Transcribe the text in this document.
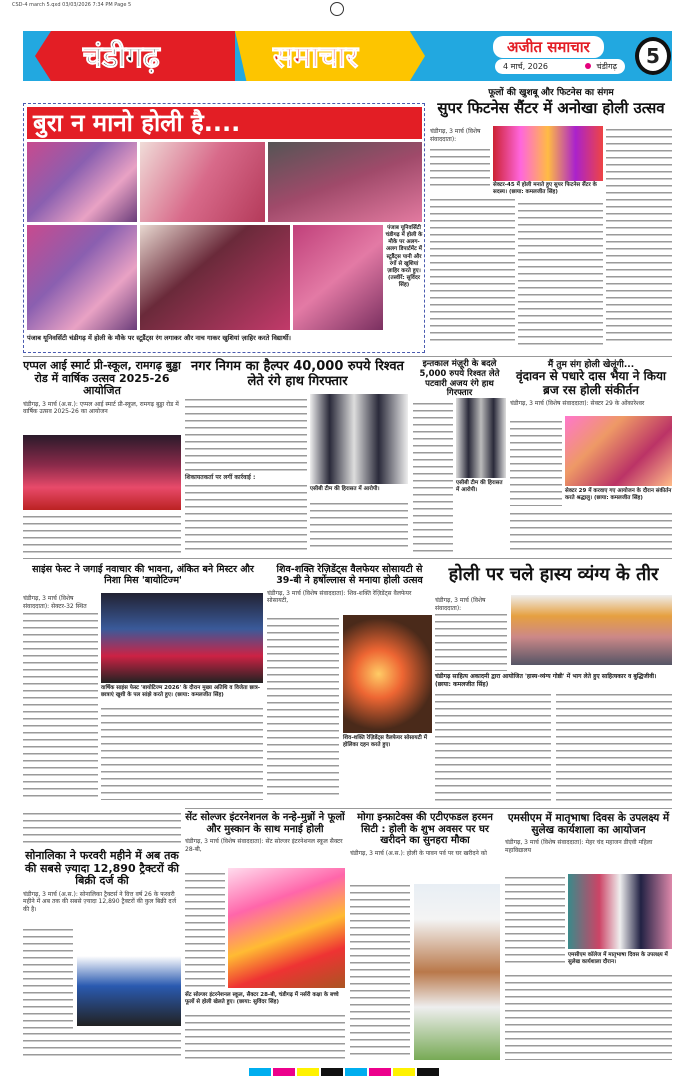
CSD-4 march 5.qxd 03/03/2026 7:34 PM Page 5
चंडीगढ़	समाचार	अजीत समाचार
4 मार्च, 2026	चंडीगढ़	5
बुरा न मानो होली है....
पंजाब यूनिवर्सिटी चंडीगढ़ में होली के मौके पर अलग-अलग डिपार्टमेंट में स्टूडैंट्स पानी और रंगों से खुशियां ज़ाहिर करते हुए। (तस्वीरें: सुविंदर सिंह)
पंजाब यूनिवर्सिटी चंडीगढ़ में होली के मौके पर स्टूडैंट्स रंग लगाकर और नाच गाकर खुशियां ज़ाहिर करते विद्यार्थी।
फूलों की खुशबू और फिटनेस का संगम
सुपर फिटनेस सैंटर में अनोखा होली उत्सव
चंडीगढ़, 3 मार्च (विशेष संवाददाता):
सेक्टर-45 में होली मनाते हुए सुपर फिटनेस सैंटर के सदस्य। (छाया: कमलजीत सिंह)
एप्पल आई स्मार्ट प्री-स्कूल, रामगढ़ बुड्ढा रोड में वार्षिक उत्सव 2025-26 आयोजित
चंडीगढ़, 3 मार्च (अ.स.): एप्पल आई स्मार्ट प्री-स्कूल, रामगढ़ बुड्ढा रोड में वार्षिक उत्सव 2025-26 का आयोजन
नगर निगम का हैल्पर 40,000 रुपये रिश्वत लेते रंगे हाथ गिरफ्तार
शिकायतकर्ता पर लगीं कार्रवाई :
एसीबी टीम की हिरासत में आरोपी।
इन्तकाल मंज़ूरी के बदले 5,000 रुपये रिश्वत लेते पटवारी अजय रंगे हाथ गिरफ्तार
एसीबी टीम की हिरासत में आरोपी।
मैं तुम संग होली खेलूंगी...
वृंदावन से पधारे दास भैया ने किया ब्रज रस होली संकीर्तन
चंडीगढ़, 3 मार्च (विशेष संवाददाता): सेक्टर 29 के ओंकारेश्वर
सेक्टर 29 में करवाए गए आयोजन के दौरान संकीर्तन करते श्रद्धालु। (छाया: कमलजीत सिंह)
साइंस फेस्ट ने जगाई नवाचार की भावना, अंकित बने मिस्टर और निशा मिस 'बायोटिज्म'
चंडीगढ़, 3 मार्च (विशेष संवाददाता): सेक्टर-32 स्थित
वार्षिक साइंस फेस्ट 'बायोटिज्म 2026' के दौरान मुख्य अतिथि व विजेता छात्र-छात्राएं खुशी के पल सांझे करते हुए। (छाया: कमलजीत सिंह)
शिव-शक्ति रेज़िडेंट्स वैलफेयर सोसायटी से 39-बी ने हर्षोल्लास से मनाया होली उत्सव
चंडीगढ़, 3 मार्च (विशेष संवाददाता): शिव-शक्ति रेज़िडेंट्स वैलफेयर सोसायटी,
शिव-शक्ति रेज़िडेंट्स वैलफेयर सोसायटी में होलिका दहन करते हुए।
होली पर चले हास्य व्यंग्य के तीर
चंडीगढ़, 3 मार्च (विशेष संवाददाता):
चंडीगढ़ साहित्य अकादमी द्वारा आयोजित 'हास्य-व्यंग्य गोष्ठी' में भाग लेते हुए साहित्यकार व बुद्धिजीवी। (छाया: कमलजीत सिंह)
सोनालिका ने फरवरी महीने में अब तक की सबसे ज़्यादा 12,890 ट्रैक्टरों की बिक्री दर्ज की
चंडीगढ़, 3 मार्च (अ.स.): सोनालिका ट्रैक्टर्स ने वित्त वर्ष 26 के फरवरी महीने में अब तक की सबसे ज़्यादा 12,890 ट्रैक्टरों की कुल बिक्री दर्ज की है।
सेंट सोल्जर इंटरनेशनल के नन्हे-मुन्नों ने फूलों और मुस्कान के साथ मनाई होली
चंडीगढ़, 3 मार्च (विशेष संवाददाता): सेंट सोल्जर इंटरनेशनल स्कूल सैक्टर 28-बी,
सेंट सोल्जर इंटरनेशनल स्कूल, सैक्टर 28-बी, चंडीगढ़ में नर्सरी कक्षा के बच्चे फूलों से होली खेलते हुए। (छाया: सुविंदर सिंह)
मोगा इन्फ्राटेक्स की एटीएफडल हरमन सिटी : होली के शुभ अवसर पर घर खरीदने का सुनहरा मौका
चंडीगढ़, 3 मार्च (अ.स.): होली के पावन पर्व पर घर खरीदने को
एमसीएम में मातृभाषा दिवस के उपलक्ष्य में सुलेख कार्यशाला का आयोजन
चंडीगढ़, 3 मार्च (विशेष संवाददाता): मेहर चंद महाजन डीएवी महिला महाविद्यालय
एमसीएम कॉलेज में मातृभाषा दिवस के उपलक्ष्य में सुलेख कार्यशाला दौरान।
